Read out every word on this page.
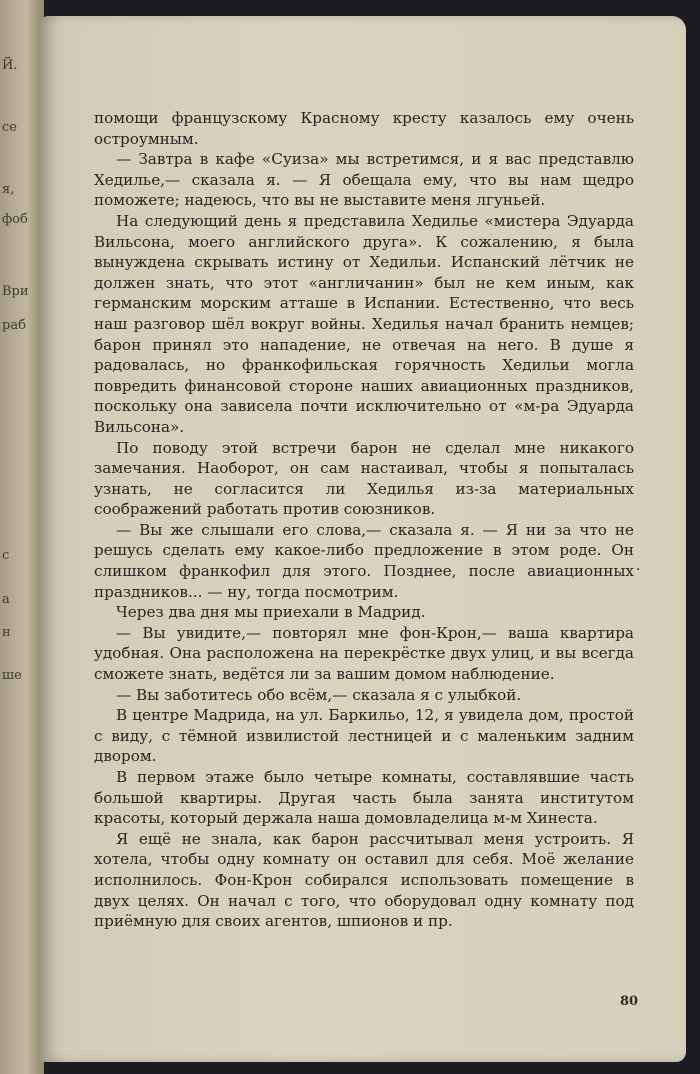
Й.
се
я,
фоб
Ври
раб
с
а
н
ше

помощи французскому Красному кресту казалось ему очень остроумным.

— Завтра в кафе «Суиза» мы встретимся, и я вас представлю Хедилье,— сказала я. — Я обещала ему, что вы нам щедро поможете; надеюсь, что вы не выставите меня лгуньей.

На следующий день я представила Хедилье «мистера Эдуарда Вильсона, моего английского друга». К сожалению, я была вынуждена скрывать истину от Хедильи. Испанский лётчик не должен знать, что этот «англичанин» был не кем иным, как германским морским атташе в Испании. Естественно, что весь наш разговор шёл вокруг войны. Хедилья начал бранить немцев; барон принял это нападение, не отвечая на него. В душе я радовалась, но франкофильская горячность Хедильи могла повредить финансовой стороне наших авиационных праздников, поскольку она зависела почти исключительно от «м-ра Эдуарда Вильсона».

По поводу этой встречи барон не сделал мне никакого замечания. Наоборот, он сам настаивал, чтобы я попыталась узнать, не согласится ли Хедилья из-за материальных соображений работать против союзников.

— Вы же слышали его слова,— сказала я. — Я ни за что не решусь сделать ему какое-либо предложение в этом роде. Он слишком франкофил для этого. Позднее, после авиационных праздников... — ну, тогда посмотрим.

Через два дня мы приехали в Мадрид.

— Вы увидите,— повторял мне фон-Крон,— ваша квартира удобная. Она расположена на перекрёстке двух улиц, и вы всегда сможете знать, ведётся ли за вашим домом наблюдение.

— Вы заботитесь обо всём,— сказала я с улыбкой.

В центре Мадрида, на ул. Баркильо, 12, я увидела дом, простой с виду, с тёмной извилистой лестницей и с маленьким задним двором.

В первом этаже было четыре комнаты, составлявшие часть большой квартиры. Другая часть была занята институтом красоты, который держала наша домовладелица м-м Хинеста.

Я ещё не знала, как барон рассчитывал меня устроить. Я хотела, чтобы одну комнату он оставил для себя. Моё желание исполнилось. Фон-Крон собирался использовать помещение в двух целях. Он начал с того, что оборудовал одну комнату под приёмную для своих агентов, шпионов и пр.

·
80
